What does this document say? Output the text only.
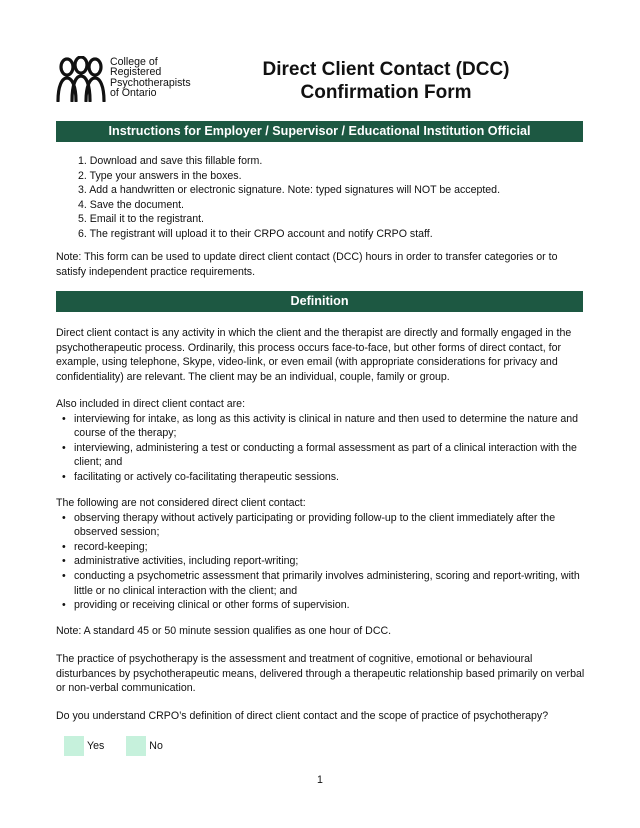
College of
Registered
Psychotherapists
of Ontario
Direct Client Contact (DCC)
Confirmation Form
Instructions for Employer / Supervisor / Educational Institution Official
1. Download and save this fillable form.
2. Type your answers in the boxes.
3. Add a handwritten or electronic signature. Note: typed signatures will NOT be accepted.
4. Save the document.
5. Email it to the registrant.
6. The registrant will upload it to their CRPO account and notify CRPO staff.
Note: This form can be used to update direct client contact (DCC) hours in order to transfer categories or to satisfy independent practice requirements.
Definition
Direct client contact is any activity in which the client and the therapist are directly and formally engaged in the psychotherapeutic process. Ordinarily, this process occurs face-to-face, but other forms of direct contact, for example, using telephone, Skype, video-link, or even email (with appropriate considerations for privacy and confidentiality) are relevant. The client may be an individual, couple, family or group.
Also included in direct client contact are:
• interviewing for intake, as long as this activity is clinical in nature and then used to determine the nature and course of the therapy;
• interviewing, administering a test or conducting a formal assessment as part of a clinical interaction with the client; and
• facilitating or actively co-facilitating therapeutic sessions.
The following are not considered direct client contact:
• observing therapy without actively participating or providing follow-up to the client immediately after the observed session;
• record-keeping;
• administrative activities, including report-writing;
• conducting a psychometric assessment that primarily involves administering, scoring and report-writing, with little or no clinical interaction with the client; and
• providing or receiving clinical or other forms of supervision.
Note: A standard 45 or 50 minute session qualifies as one hour of DCC.
The practice of psychotherapy is the assessment and treatment of cognitive, emotional or behavioural disturbances by psychotherapeutic means, delivered through a therapeutic relationship based primarily on verbal or non-verbal communication.
Do you understand CRPO’s definition of direct client contact and the scope of practice of psychotherapy?
Yes	No
1
